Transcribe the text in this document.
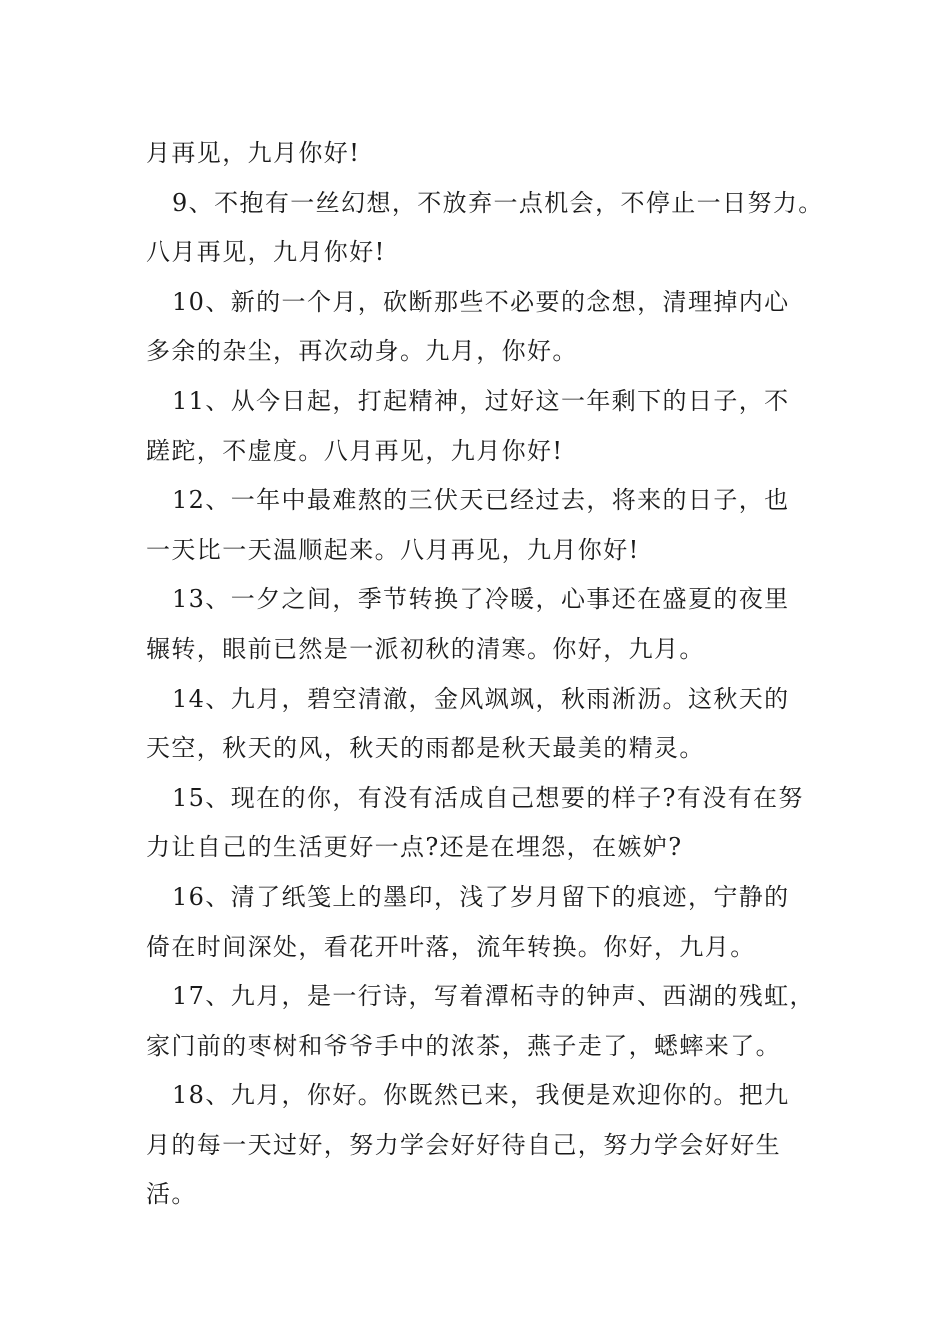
月再见，九月你好!
9、不抱有一丝幻想，不放弃一点机会，不停止一日努力。
八月再见，九月你好!
10、新的一个月，砍断那些不必要的念想，清理掉内心
多余的杂尘，再次动身。九月，你好。
11、从今日起，打起精神，过好这一年剩下的日子，不
蹉跎，不虚度。八月再见，九月你好!
12、一年中最难熬的三伏天已经过去，将来的日子，也
一天比一天温顺起来。八月再见，九月你好!
13、一夕之间，季节转换了冷暖，心事还在盛夏的夜里
辗转，眼前已然是一派初秋的清寒。你好，九月。
14、九月，碧空清澈，金风飒飒，秋雨淅沥。这秋天的
天空，秋天的风，秋天的雨都是秋天最美的精灵。
15、现在的你，有没有活成自己想要的样子?有没有在努
力让自己的生活更好一点?还是在埋怨，在嫉妒?
16、清了纸笺上的墨印，浅了岁月留下的痕迹，宁静的
倚在时间深处，看花开叶落，流年转换。你好，九月。
17、九月，是一行诗，写着潭柘寺的钟声、西湖的残虹，
家门前的枣树和爷爷手中的浓茶，燕子走了，蟋蟀来了。
18、九月，你好。你既然已来，我便是欢迎你的。把九
月的每一天过好，努力学会好好待自己，努力学会好好生
活。
